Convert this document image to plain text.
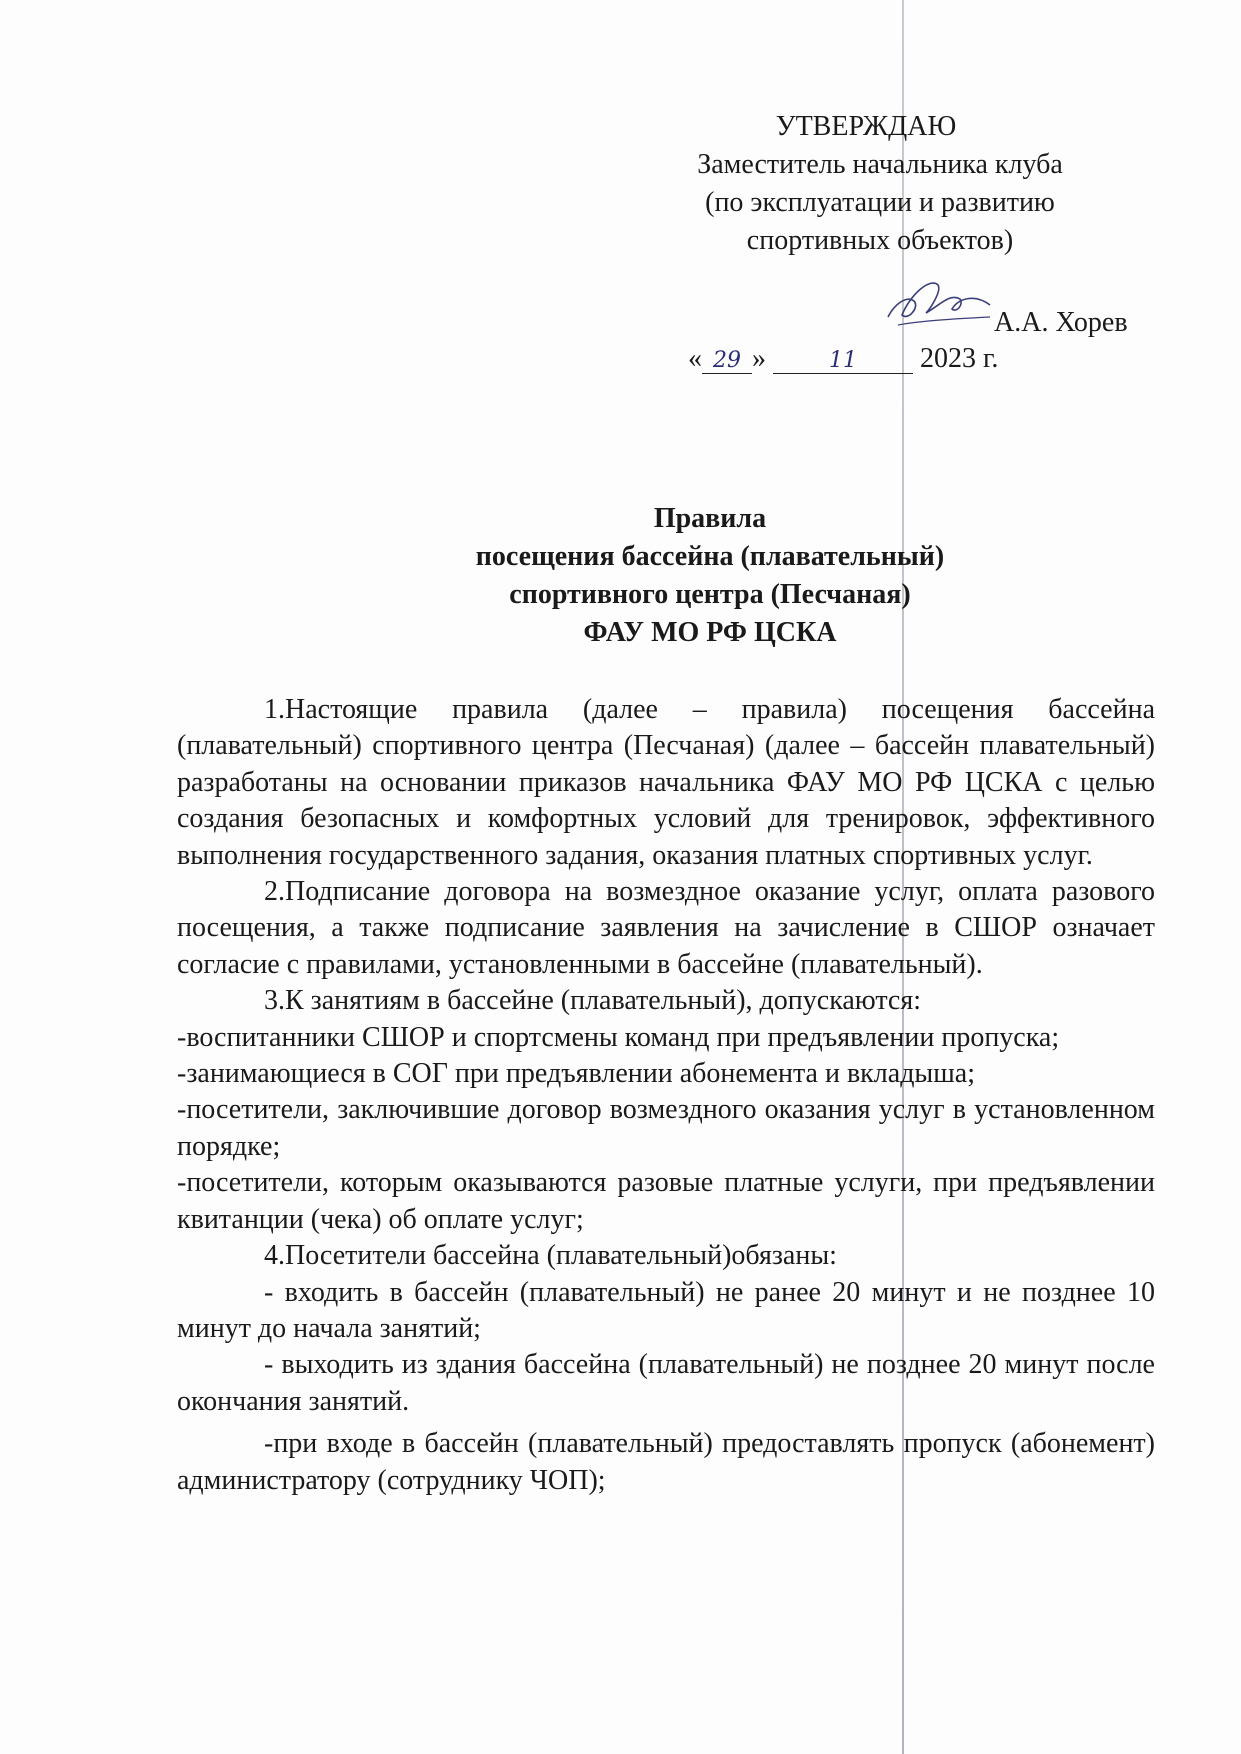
УТВЕРЖДАЮ
Заместитель начальника клуба
(по эксплуатации и развитию
спортивных объектов)
А.А. Хорев
« 29 »	11 2023 г.
Правила
посещения бассейна (плавательный)
спортивного центра (Песчаная)
ФАУ МО РФ ЦСКА

1.Настоящие правила (далее – правила) посещения бассейна (плавательный) спортивного центра (Песчаная) (далее – бассейн плавательный) разработаны на основании приказов начальника ФАУ МО РФ ЦСКА с целью создания безопасных и комфортных условий для тренировок, эффективного выполнения государственного задания, оказания платных спортивных услуг.

2.Подписание договора на возмездное оказание услуг, оплата разового посещения, а также подписание заявления на зачисление в СШОР означает согласие с правилами, установленными в бассейне (плавательный).

3.К занятиям в бассейне (плавательный), допускаются:

-воспитанники СШОР и спортсмены команд при предъявлении пропуска;

-занимающиеся в СОГ при предъявлении абонемента и вкладыша;

-посетители, заключившие договор возмездного оказания услуг в установленном порядке;

-посетители, которым оказываются разовые платные услуги, при предъявлении квитанции (чека) об оплате услуг;

4.Посетители бассейна (плавательный)обязаны:

- входить в бассейн (плавательный) не ранее 20 минут и не позднее 10 минут до начала занятий;

- выходить из здания бассейна (плавательный) не позднее 20 минут после окончания занятий.

-при входе в бассейн (плавательный) предоставлять пропуск (абонемент) администратору (сотруднику ЧОП);
